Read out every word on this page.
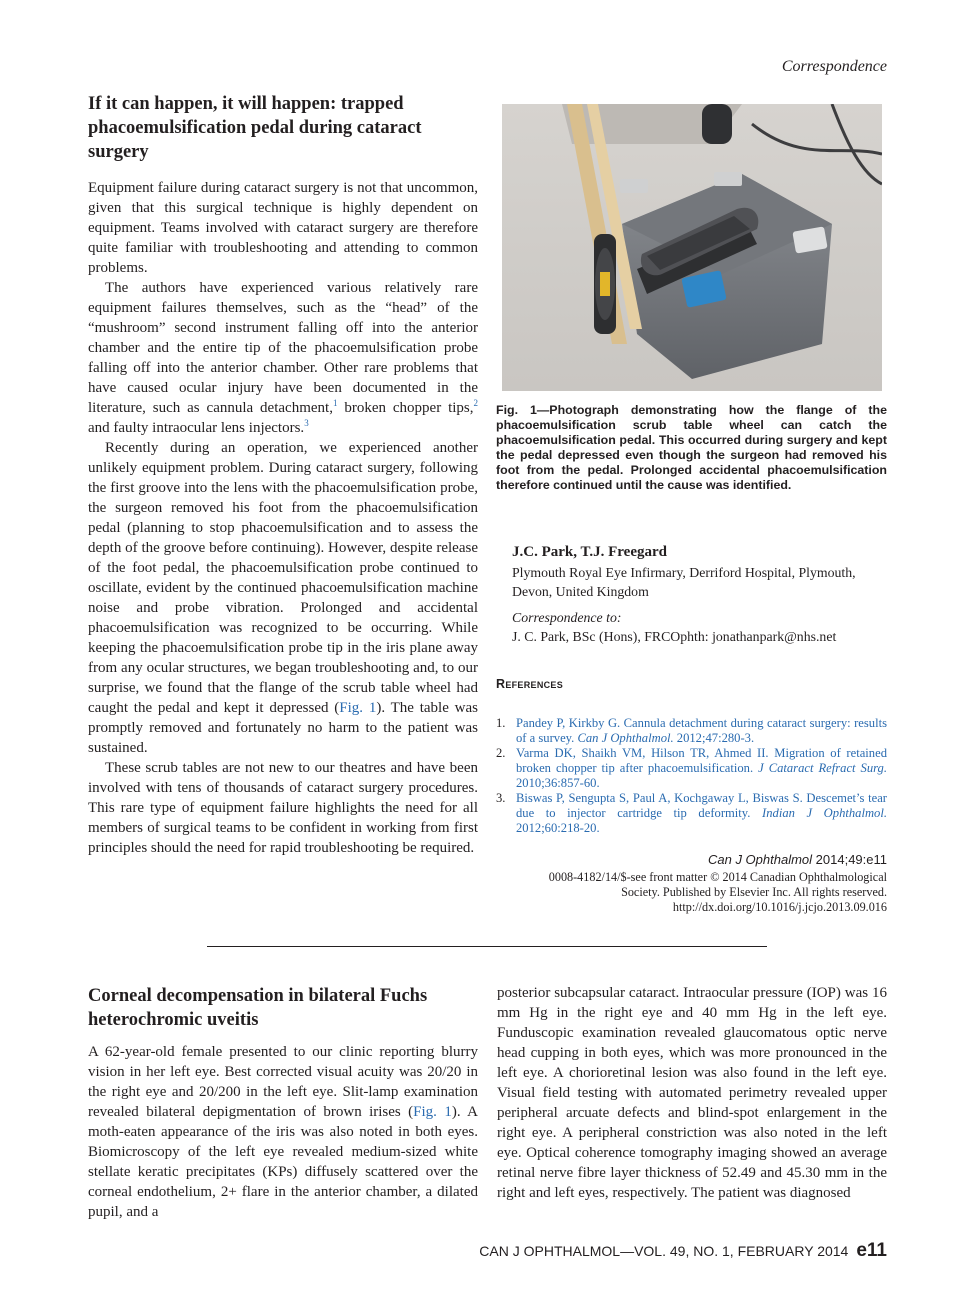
Correspondence
If it can happen, it will happen: trapped phacoemulsification pedal during cataract surgery

Equipment failure during cataract surgery is not that uncommon, given that this surgical technique is highly dependent on equipment. Teams involved with cataract surgery are therefore quite familiar with troubleshooting and attending to common problems.

The authors have experienced various relatively rare equipment failures themselves, such as the “head” of the “mushroom” second instrument falling off into the anterior chamber and the entire tip of the phacoemulsification probe falling off into the anterior chamber. Other rare problems that have caused ocular injury have been documented in the literature, such as cannula detachment,$^1$ broken chopper tips,$^2$ and faulty intraocular lens injectors.$^3$

Recently during an operation, we experienced another unlikely equipment problem. During cataract surgery, following the first groove into the lens with the phacoemulsification probe, the surgeon removed his foot from the phacoemulsification pedal (planning to stop phacoemulsification and to assess the depth of the groove before continuing). However, despite release of the foot pedal, the phacoemulsification probe continued to oscillate, evident by the continued phacoemulsification machine noise and probe vibration. Prolonged and accidental phacoemulsification was recognized to be occurring. While keeping the phacoemulsification probe tip in the iris plane away from any ocular structures, we began troubleshooting and, to our surprise, we found that the flange of the scrub table wheel had caught the pedal and kept it depressed (Fig. 1). The table was promptly removed and fortunately no harm to the patient was sustained.

These scrub tables are not new to our theatres and have been involved with tens of thousands of cataract surgery procedures. This rare type of equipment failure highlights the need for all members of surgical teams to be confident in working from first principles should the need for rapid troubleshooting be required.

Fig. 1—Photograph demonstrating how the flange of the phacoemulsification scrub table wheel can catch the phacoemulsification pedal. This occurred during surgery and kept the pedal depressed even though the surgeon had removed his foot from the pedal. Prolonged accidental phacoemulsification therefore continued until the cause was identified.
J.C. Park, T.J. Freegard
Plymouth Royal Eye Infirmary, Derriford Hospital, Plymouth, Devon, United Kingdom
Correspondence to:
J. C. Park, BSc (Hons), FRCOphth: jonathanpark@nhs.net
References
1. Pandey P, Kirkby G. Cannula detachment during cataract surgery: results of a survey. Can J Ophthalmol. 2012;47:280-3.
2. Varma DK, Shaikh VM, Hilson TR, Ahmed II. Migration of retained broken chopper tip after phacoemulsification. J Cataract Refract Surg. 2010;36:857-60.
3. Biswas P, Sengupta S, Paul A, Kochgaway L, Biswas S. Descemet’s tear due to injector cartridge tip deformity. Indian J Ophthalmol. 2012;60:218-20.
Can J Ophthalmol 2014;49:e11
0008-4182/14/$-see front matter © 2014 Canadian Ophthalmological
Society. Published by Elsevier Inc. All rights reserved.
http://dx.doi.org/10.1016/j.jcjo.2013.09.016
Corneal decompensation in bilateral Fuchs heterochromic uveitis

A 62-year-old female presented to our clinic reporting blurry vision in her left eye. Best corrected visual acuity was 20/20 in the right eye and 20/200 in the left eye. Slit-lamp examination revealed bilateral depigmentation of brown irises (Fig. 1). A moth-eaten appearance of the iris was also noted in both eyes. Biomicroscopy of the left eye revealed medium-sized white stellate keratic precipitates (KPs) diffusely scattered over the corneal endothelium, 2+ flare in the anterior chamber, a dilated pupil, and a

posterior subcapsular cataract. Intraocular pressure (IOP) was 16 mm Hg in the right eye and 40 mm Hg in the left eye. Funduscopic examination revealed glaucomatous optic nerve head cupping in both eyes, which was more pronounced in the left eye. A chorioretinal lesion was also found in the left eye. Visual field testing with automated perimetry revealed upper peripheral arcuate defects and blind-spot enlargement in the right eye. A peripheral constriction was also noted in the left eye. Optical coherence tomography imaging showed an average retinal nerve fibre layer thickness of 52.49 and 45.30 mm in the right and left eyes, respectively. The patient was diagnosed

CAN J OPHTHALMOL—VOL. 49, NO. 1, FEBRUARY 2014 e11
